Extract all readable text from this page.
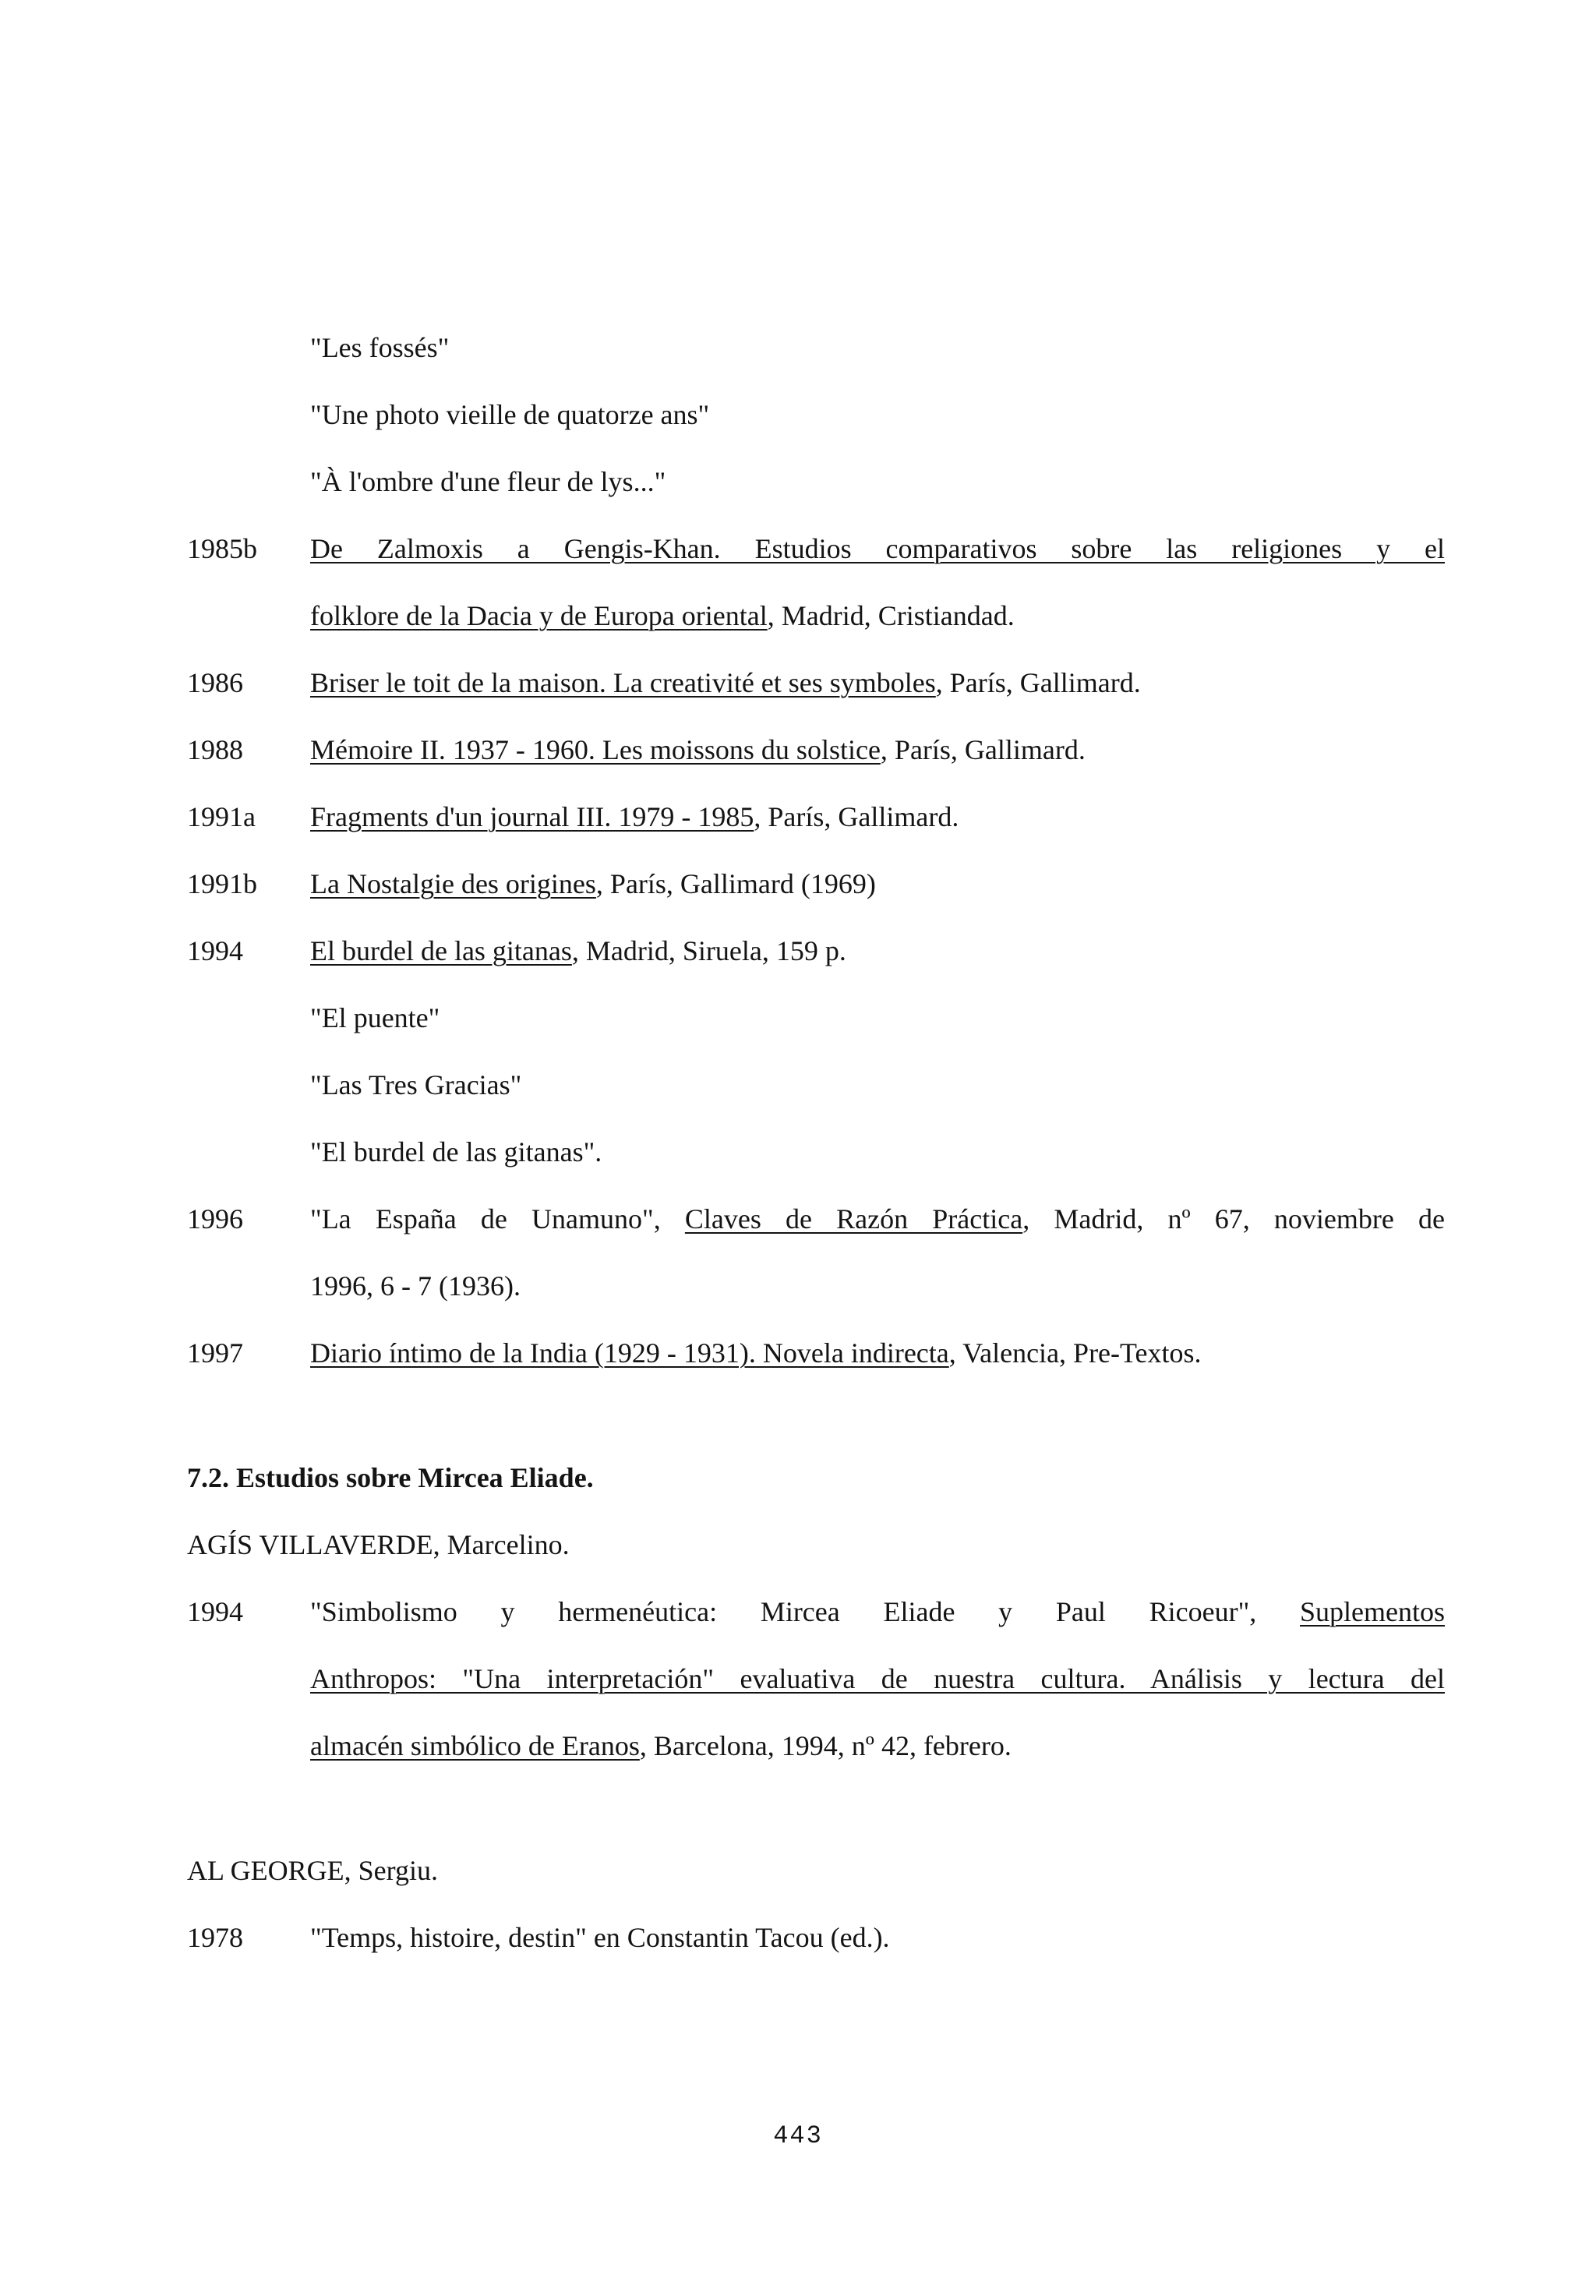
"Les fossés"
"Une photo vieille de quatorze ans"
"À l'ombre d'une fleur de lys..."
1985b De Zalmoxis a Gengis-Khan. Estudios comparativos sobre las religiones y el
folklore de la Dacia y de Europa oriental, Madrid, Cristiandad.
1986 Briser le toit de la maison. La creativité et ses symboles, París, Gallimard.
1988 Mémoire II. 1937 - 1960. Les moissons du solstice, París, Gallimard.
1991a Fragments d'un journal III. 1979 - 1985, París, Gallimard.
1991b La Nostalgie des origines, París, Gallimard (1969)
1994 El burdel de las gitanas, Madrid, Siruela, 159 p.
"El puente"
"Las Tres Gracias"
"El burdel de las gitanas".
1996 "La España de Unamuno", Claves de Razón Práctica, Madrid, nº 67, noviembre de
1996, 6 - 7 (1936).
1997 Diario íntimo de la India (1929 - 1931). Novela indirecta, Valencia, Pre-Textos.
7.2. Estudios sobre Mircea Eliade.
AGÍS VILLAVERDE, Marcelino.
1994 "Simbolismo y hermenéutica: Mircea Eliade y Paul Ricoeur", Suplementos
Anthropos: "Una interpretación" evaluativa de nuestra cultura. Análisis y lectura del
almacén simbólico de Eranos, Barcelona, 1994, nº 42, febrero.
AL GEORGE, Sergiu.
1978 "Temps, histoire, destin" en Constantin Tacou (ed.).
443
